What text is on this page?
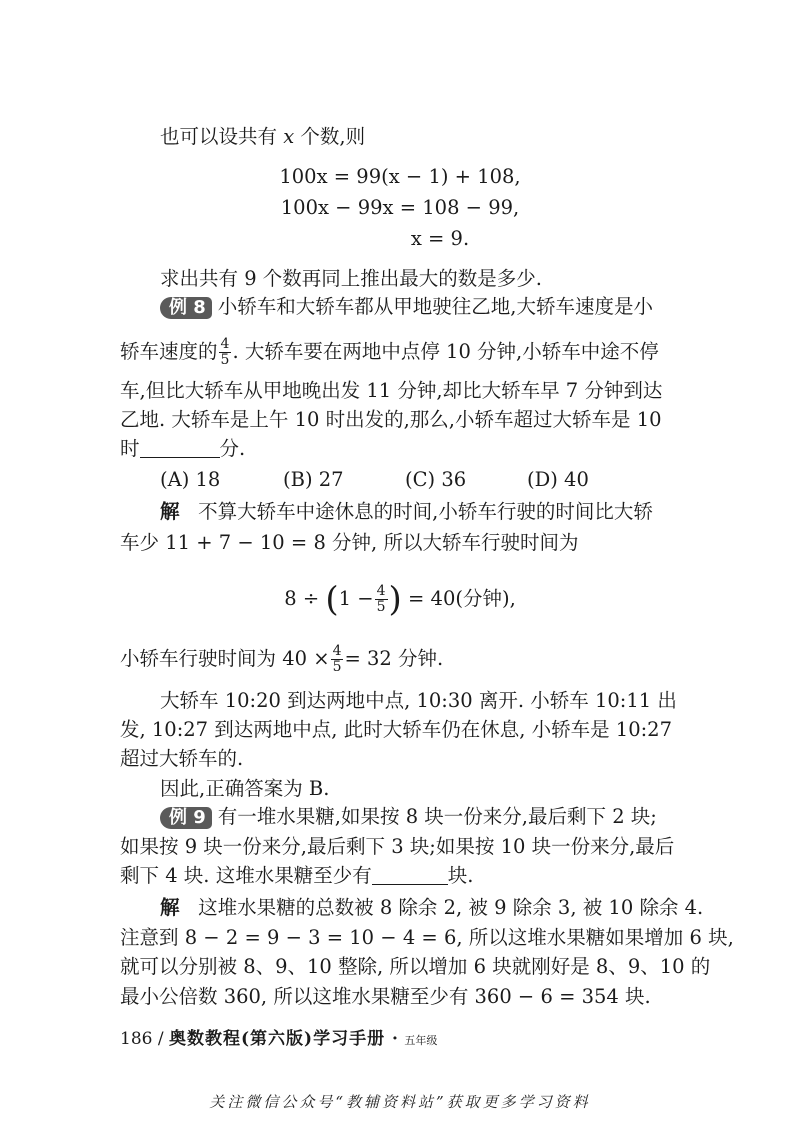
也可以设共有 x 个数,则
100x = 99(x − 1) + 108,
100x − 99x = 108 − 99,
x = 9.
求出共有 9 个数再同上推出最大的数是多少.
例 8 小轿车和大轿车都从甲地驶往乙地,大轿车速度是小
轿车速度的 $\frac{4}{5}$ . 大轿车要在两地中点停 10 分钟,小轿车中途不停
车,但比大轿车从甲地晚出发 11 分钟,却比大轿车早 7 分钟到达
乙地. 大轿车是上午 10 时出发的,那么,小轿车超过大轿车是 10
时	分.
(A) 18	(B) 27	(C) 36	(D) 40
解 不算大轿车中途休息的时间,小轿车行驶的时间比大轿
车少 11 + 7 − 10 = 8 分钟, 所以大轿车行驶时间为
$8 \div (1 - \frac{4}{5}$ ) = 40(分钟),
小轿车行驶时间为 $40 \times \frac{4}{5} = 32$ 分钟.
大轿车 10:20 到达两地中点, 10:30 离开. 小轿车 10:11 出
发, 10:27 到达两地中点, 此时大轿车仍在休息, 小轿车是 10:27
超过大轿车的.
因此,正确答案为 B.
例 9 有一堆水果糖,如果按 8 块一份来分,最后剩下 2 块;
如果按 9 块一份来分,最后剩下 3 块;如果按 10 块一份来分,最后
剩下 4 块. 这堆水果糖至少有	块.
解 这堆水果糖的总数被 8 除余 2, 被 9 除余 3, 被 10 除余 4.
注意到 8 − 2 = 9 − 3 = 10 − 4 = 6, 所以这堆水果糖如果增加 6 块,
就可以分别被 8、9、10 整除, 所以增加 6 块就刚好是 8、9、10 的
最小公倍数 360, 所以这堆水果糖至少有 360 − 6 = 354 块.
186 / 奥数教程(第六版)学习手册 · 五年级
关注微信公众号“教辅资料站”获取更多学习资料
